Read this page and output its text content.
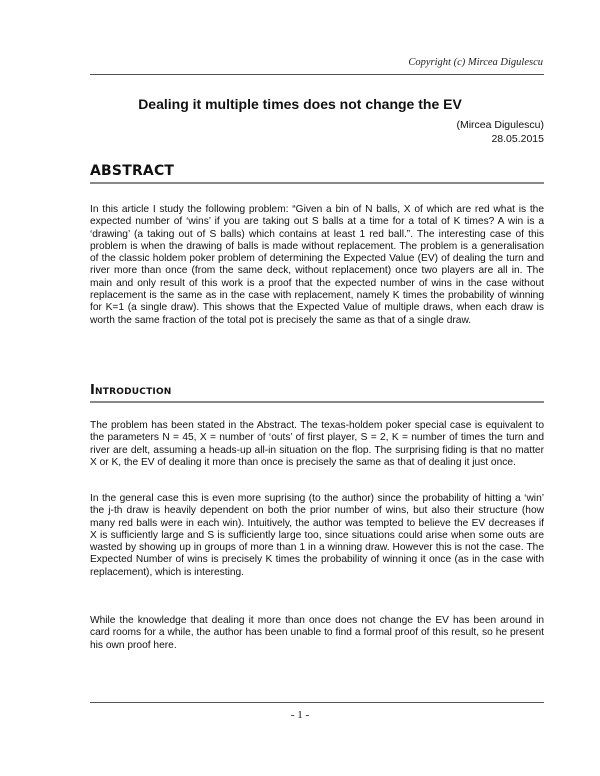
Copyright (c) Mircea Digulescu
Dealing it multiple times does not change the EV
(Mircea Digulescu)
28.05.2015
ABSTRACT

In this article I study the following problem: “Given a bin of N balls, X of which are red what is the expected number of ‘wins’ if you are taking out S balls at a time for a total of K times? A win is a ‘drawing’ (a taking out of S balls) which contains at least 1 red ball.”. The interesting case of this problem is when the drawing of balls is made without replacement. The problem is a generalisation of the classic holdem poker problem of determining the Expected Value (EV) of dealing the turn and river more than once (from the same deck, without replacement) once two players are all in. The main and only result of this work is a proof that the expected number of wins in the case without replacement is the same as in the case with replacement, namely K times the probability of winning for K=1 (a single draw). This shows that the Expected Value of multiple draws, when each draw is worth the same fraction of the total pot is precisely the same as that of a single draw.

Introduction

The problem has been stated in the Abstract. The texas-holdem poker special case is equivalent to the parameters N = 45, X = number of ‘outs’ of first player, S = 2, K = number of times the turn and river are delt, assuming a heads-up all-in situation on the flop. The surprising fiding is that no matter X or K, the EV of dealing it more than once is precisely the same as that of dealing it just once.

In the general case this is even more suprising (to the author) since the probability of hitting a ‘win’ the j-th draw is heavily dependent on both the prior number of wins, but also their structure (how many red balls were in each win). Intuitively, the author was tempted to believe the EV decreases if X is sufficiently large and S is sufficiently large too, since situations could arise when some outs are wasted by showing up in groups of more than 1 in a winning draw. However this is not the case. The Expected Number of wins is precisely K times the probability of winning it once (as in the case with replacement), which is interesting.

While the knowledge that dealing it more than once does not change the EV has been around in card rooms for a while, the author has been unable to find a formal proof of this result, so he present his own proof here.

- 1 -
